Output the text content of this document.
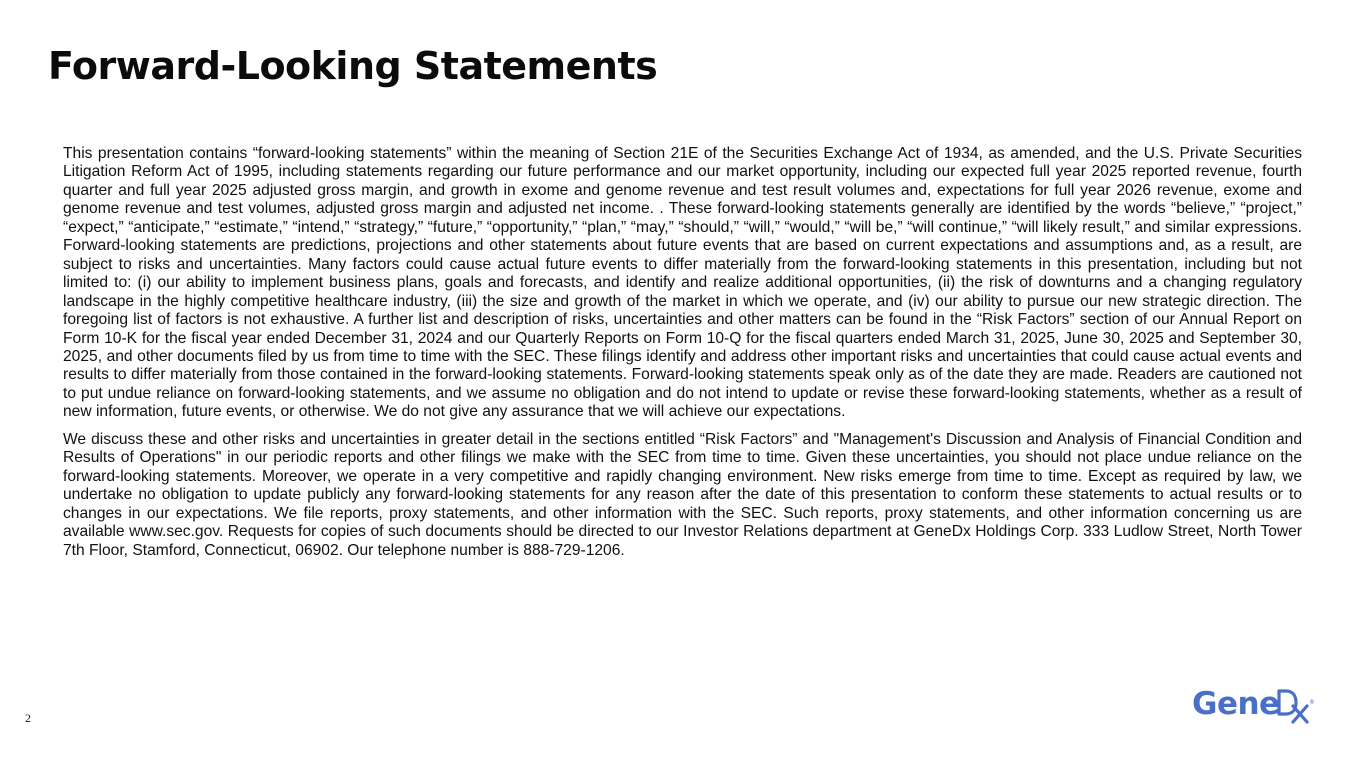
Forward-Looking Statements

This presentation contains “forward-looking statements” within the meaning of Section 21E of the Securities Exchange Act of 1934, as amended, and the U.S. Private Securities Litigation Reform Act of 1995, including statements regarding our future performance and our market opportunity, including our expected full year 2025 reported revenue, fourth quarter and full year 2025 adjusted gross margin, and growth in exome and genome revenue and test result volumes and, expectations for full year 2026 revenue, exome and genome revenue and test volumes, adjusted gross margin and adjusted net income. . These forward-looking statements generally are identified by the words “believe,” “project,” “expect,” “anticipate,” “estimate,” “intend,” “strategy,” “future,” “opportunity,” “plan,” “may,” “should,” “will,” “would,” “will be,” “will continue,” “will likely result,” and similar expressions. Forward-looking statements are predictions, projections and other statements about future events that are based on current expectations and assumptions and, as a result, are subject to risks and uncertainties. Many factors could cause actual future events to differ materially from the forward-looking statements in this presentation, including but not limited to: (i) our ability to implement business plans, goals and forecasts, and identify and realize additional opportunities, (ii) the risk of downturns and a changing regulatory landscape in the highly competitive healthcare industry, (iii) the size and growth of the market in which we operate, and (iv) our ability to pursue our new strategic direction. The foregoing list of factors is not exhaustive. A further list and description of risks, uncertainties and other matters can be found in the “Risk Factors” section of our Annual Report on Form 10-K for the fiscal year ended December 31, 2024 and our Quarterly Reports on Form 10-Q for the fiscal quarters ended March 31, 2025, June 30, 2025 and September 30, 2025, and other documents filed by us from time to time with the SEC. These filings identify and address other important risks and uncertainties that could cause actual events and results to differ materially from those contained in the forward-looking statements. Forward-looking statements speak only as of the date they are made. Readers are cautioned not to put undue reliance on forward-looking statements, and we assume no obligation and do not intend to update or revise these forward-looking statements, whether as a result of new information, future events, or otherwise. We do not give any assurance that we will achieve our expectations.

We discuss these and other risks and uncertainties in greater detail in the sections entitled “Risk Factors” and "Management's Discussion and Analysis of Financial Condition and Results of Operations" in our periodic reports and other filings we make with the SEC from time to time. Given these uncertainties, you should not place undue reliance on the forward-looking statements. Moreover, we operate in a very competitive and rapidly changing environment. New risks emerge from time to time. Except as required by law, we undertake no obligation to update publicly any forward-looking statements for any reason after the date of this presentation to conform these statements to actual results or to changes in our expectations. We file reports, proxy statements, and other information with the SEC. Such reports, proxy statements, and other information concerning us are available www.sec.gov. Requests for copies of such documents should be directed to our Investor Relations department at GeneDx Holdings Corp. 333 Ludlow Street, North Tower 7th Floor, Stamford, Connecticut, 06902. Our telephone number is 888-729-1206.

2	Gene	®
